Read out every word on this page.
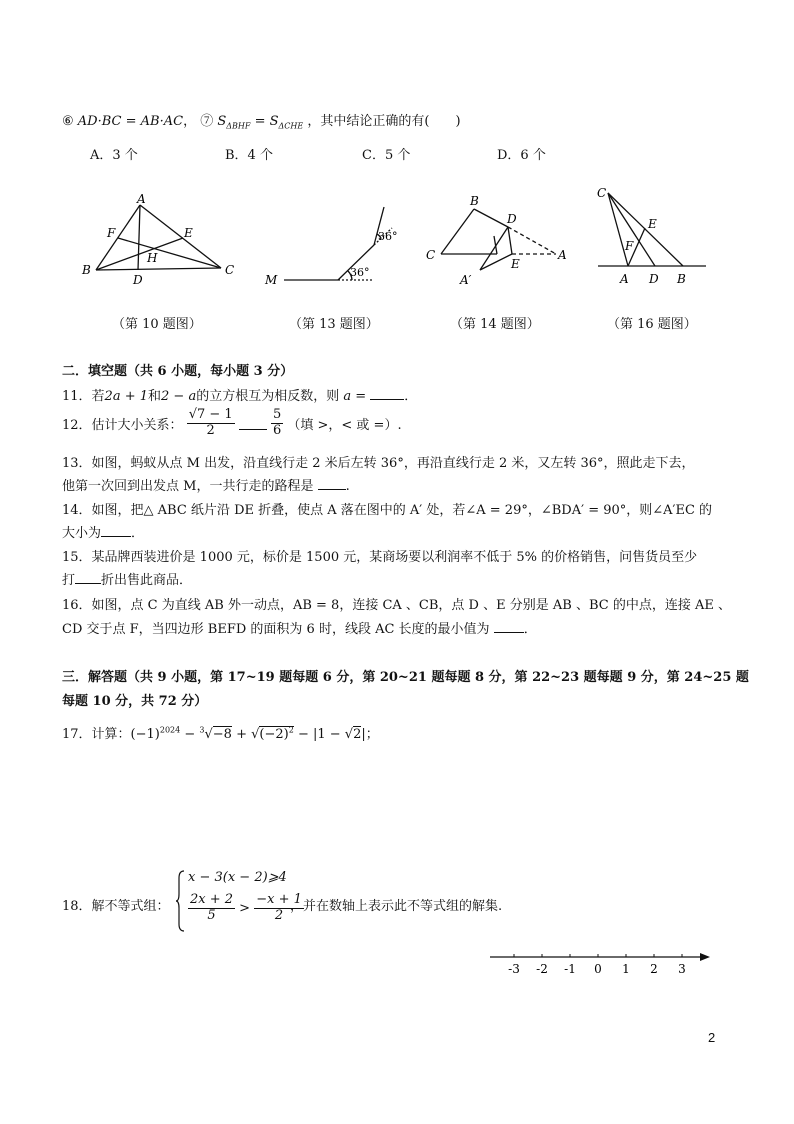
⑥ AD·BC = AB·AC， ⑦ $S_{\Delta BHF} = S_{\Delta CHE}$ ，其中结论正确的有(　　)
A．3 个	B．4 个	C．5 个	D．6 个
A
B	C
D
E
F
H
M
36°
36°
B
C
D
E
A
A′
C
E
F
A D B
（第 10 题图）	（第 13 题图）	（第 14 题图）	（第 16 题图）
二．填空题（共 6 小题，每小题 3 分）
11．若2a + 1和2 − a的立方根互为相反数，则 a =	．
12．估计大小关系： $\frac{√7 - 1}{2}$
	$\frac{5}{6}$ （填 >，< 或 =）.
13．如图，蚂蚁从点 M 出发，沿直线行走 2 米后左转 36°，再沿直线行走 2 米，又左转 36°，照此走下去，
他第一次回到出发点 M，一共行走的路程是 .
14．如图，把△ ABC 纸片沿 DE 折叠，使点 A 落在图中的 A′ 处，若∠A = 29°，∠BDA′ = 90°，则∠A′EC 的
大小为 ．
15．某品牌西装进价是 1000 元，标价是 1500 元，某商场要以利润率不低于 5% 的价格销售，问售货员至少
打 折出售此商品．
16．如图，点 C 为直线 AB 外一动点，AB = 8，连接 CA 、CB，点 D 、E 分别是 AB 、BC 的中点，连接 AE 、
CD 交于点 F，当四边形 BEFD 的面积为 6 时，线段 AC 长度的最小值为	．
三．解答题（共 9 小题，第 17~19 题每题 6 分，第 20~21 题每题 8 分，第 22~23 题每题 9 分，第 24~25 题
每题 10 分，共 72 分）
17．计算：$(-1)^{2024} - ^3√-8 + √(-2)^2 - |1 - √2|$；
18．解不等式组：
x − 3(x − 2)⩾4
$\frac{2x + 2}{5} > \frac{-x + 1}{2}$
，并在数轴上表示此不等式组的解集.
-3 -2 -1 0 1 2 3
2
